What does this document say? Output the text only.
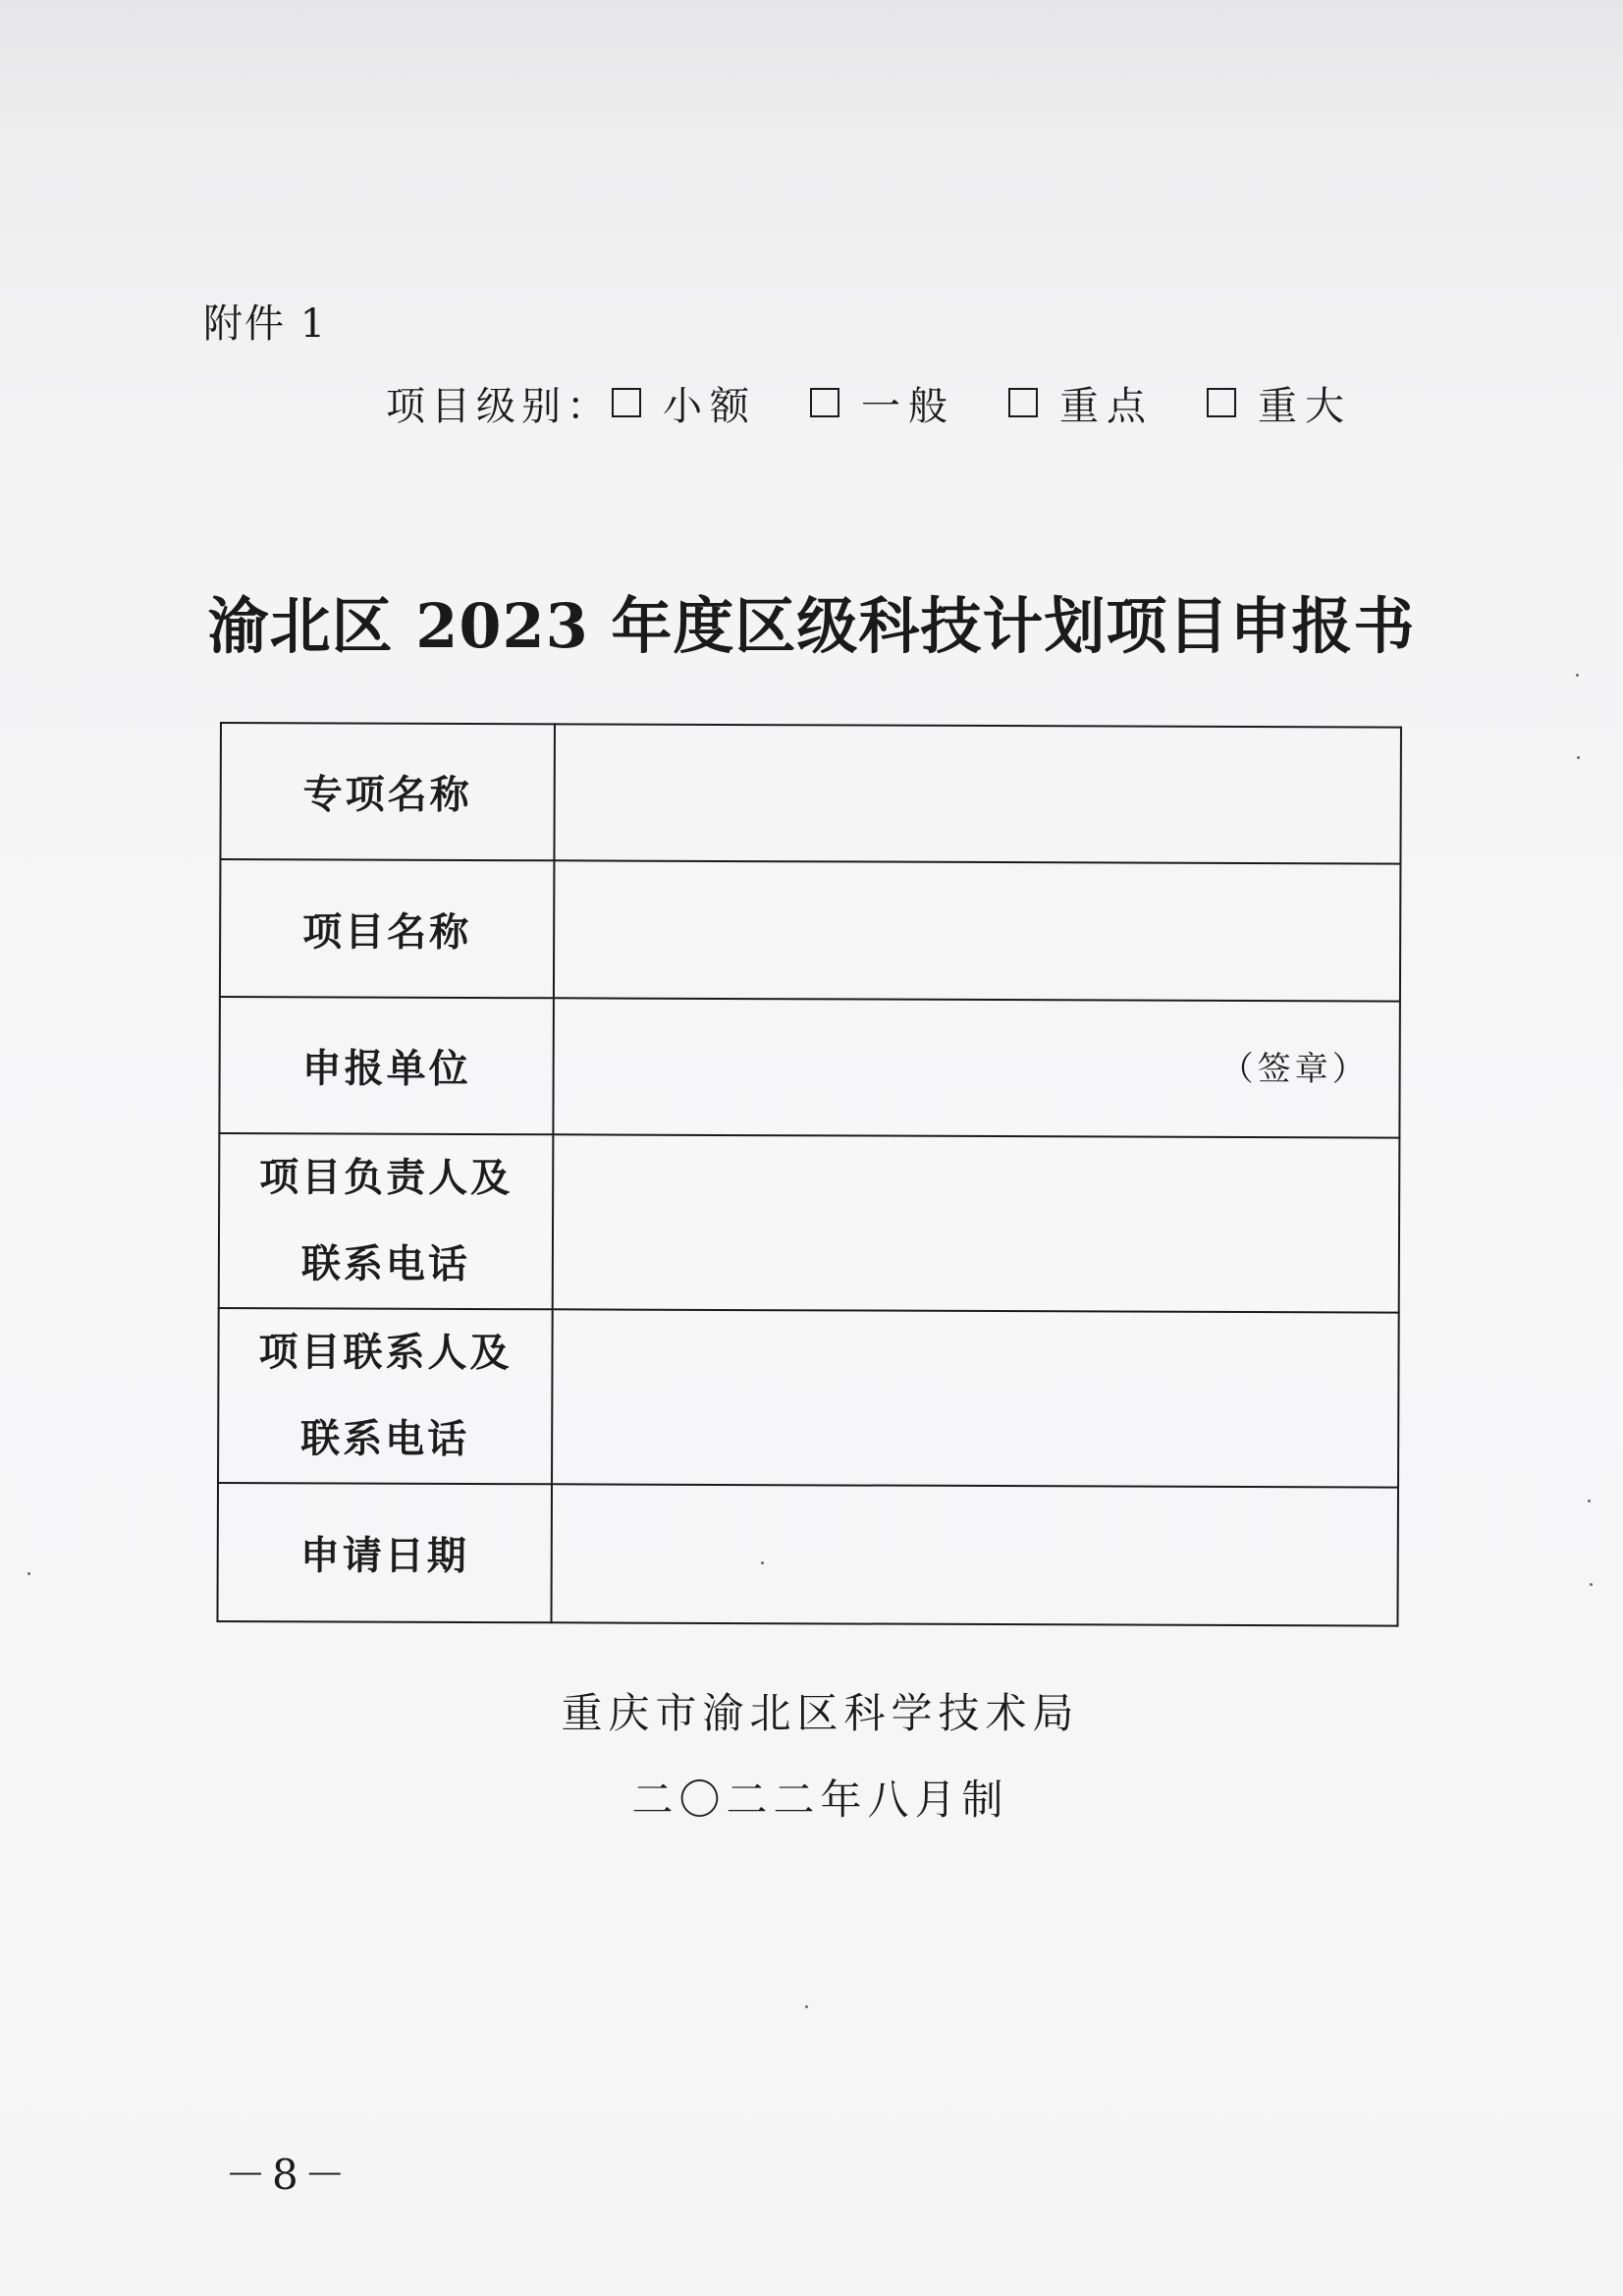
附件 1
项目级别： 小额	一般	重点	重大
渝北区 2023 年度区级科技计划项目申报书
专项名称	
项目名称	
申报单位	（签章）

项目负责人及
联系电话	

项目联系人及
联系电话	

申请日期	
重庆市渝北区科学技术局
二〇二二年八月制
－8－
